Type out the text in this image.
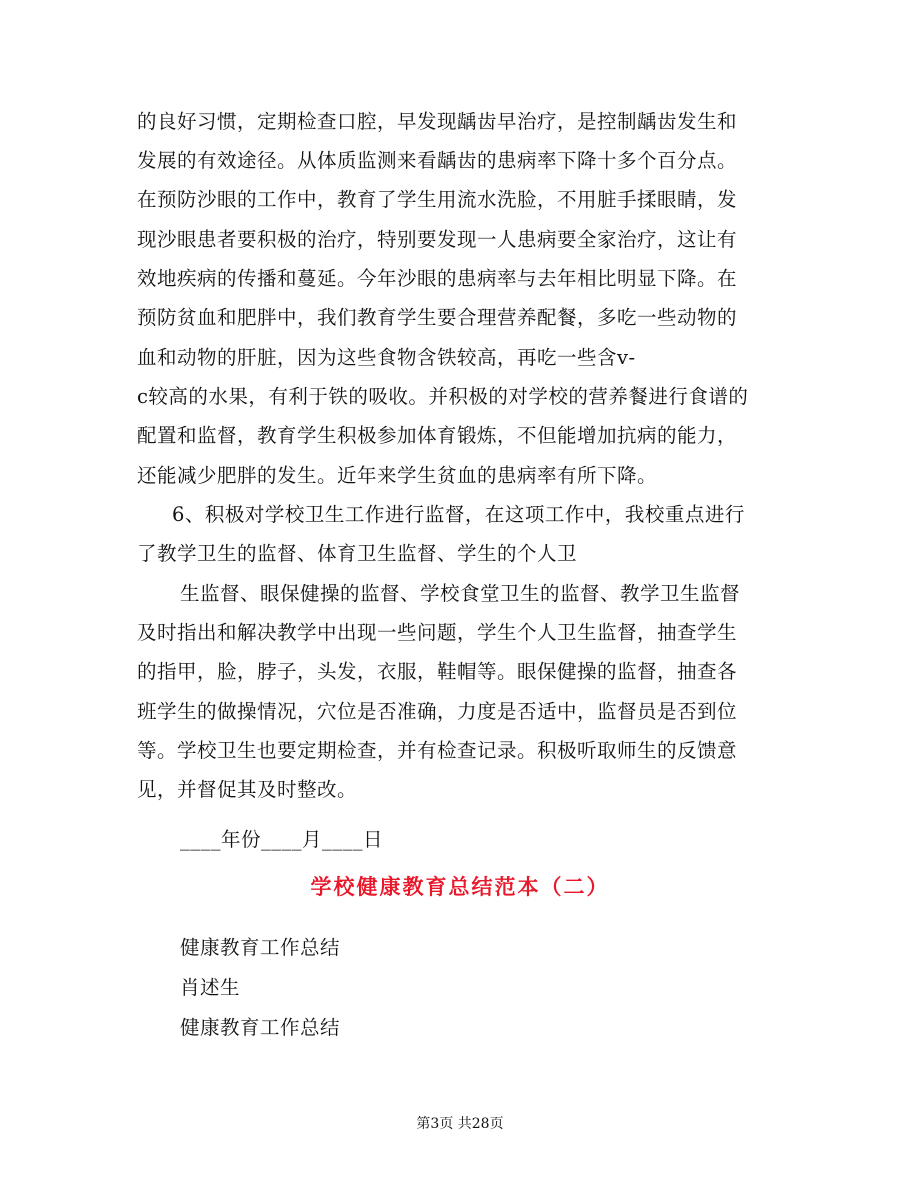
的良好习惯，定期检查口腔，早发现龋齿早治疗，是控制龋齿发生和
发展的有效途径。从体质监测来看龋齿的患病率下降十多个百分点。
在预防沙眼的工作中，教育了学生用流水洗脸，不用脏手揉眼睛，发
现沙眼患者要积极的治疗，特别要发现一人患病要全家治疗，这让有
效地疾病的传播和蔓延。今年沙眼的患病率与去年相比明显下降。在
预防贫血和肥胖中，我们教育学生要合理营养配餐，多吃一些动物的
血和动物的肝脏，因为这些食物含铁较高，再吃一些含v-
c较高的水果，有利于铁的吸收。并积极的对学校的营养餐进行食谱的
配置和监督，教育学生积极参加体育锻炼，不但能增加抗病的能力，
还能减少肥胖的发生。近年来学生贫血的患病率有所下降。
6、积极对学校卫生工作进行监督，在这项工作中，我校重点进行
了教学卫生的监督、体育卫生监督、学生的个人卫
生监督、眼保健操的监督、学校食堂卫生的监督、教学卫生监督
及时指出和解决教学中出现一些问题，学生个人卫生监督，抽查学生
的指甲，脸，脖子，头发，衣服，鞋帽等。眼保健操的监督，抽查各
班学生的做操情况，穴位是否准确，力度是否适中，监督员是否到位
等。学校卫生也要定期检查，并有检查记录。积极听取师生的反馈意
见，并督促其及时整改。
____年份____月____日
学校健康教育总结范本（二）
健康教育工作总结
肖述生
健康教育工作总结
第3页 共28页
